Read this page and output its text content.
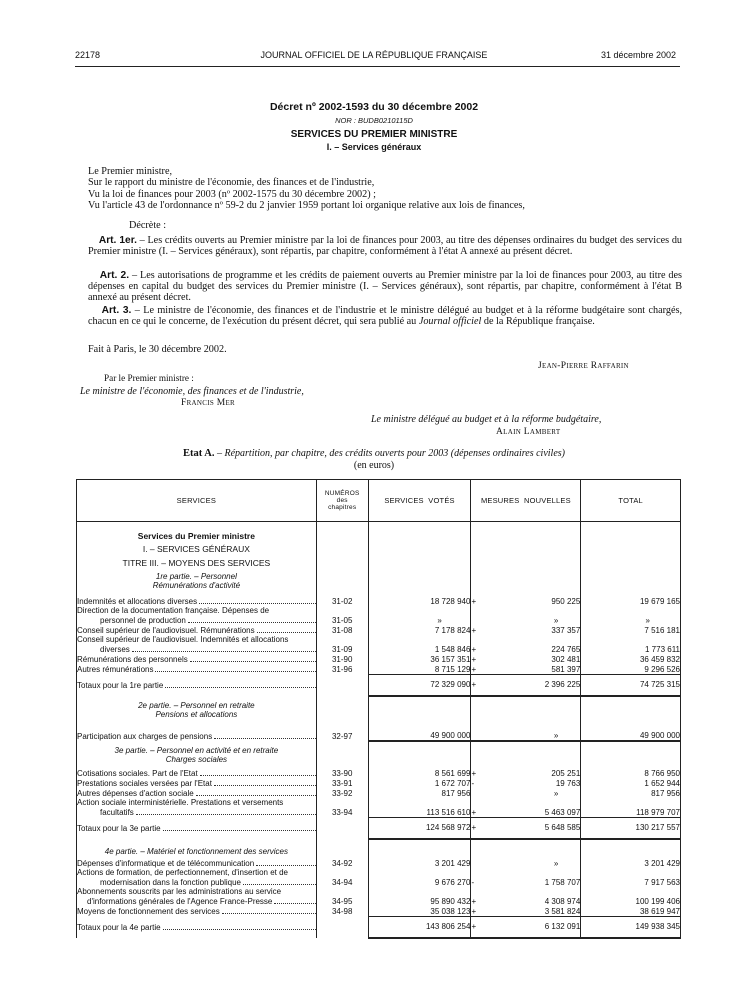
22178	JOURNAL OFFICIEL DE LA RÉPUBLIQUE FRANÇAISE	31 décembre 2002
Décret nº 2002-1593 du 30 décembre 2002
NOR : BUDB0210115D
SERVICES DU PREMIER MINISTRE
I. – Services généraux
Le Premier ministre,
Sur le rapport du ministre de l'économie, des finances et de l'industrie,
Vu la loi de finances pour 2003 (nº 2002-1575 du 30 décembre 2002) ;
Vu l'article 43 de l'ordonnance nº 59-2 du 2 janvier 1959 portant loi organique relative aux lois de finances,
Décrète :
Art. 1er. – Les crédits ouverts au Premier ministre par la loi de finances pour 2003, au titre des dépenses ordinaires du budget des services du Premier ministre (I. – Services généraux), sont répartis, par chapitre, conformément à l'état A annexé au présent décret.
Art. 2. – Les autorisations de programme et les crédits de paiement ouverts au Premier ministre par la loi de finances pour 2003, au titre des dépenses en capital du budget des services du Premier ministre (I. – Services généraux), sont répartis, par chapitre, conformément à l'état B annexé au présent décret.
Art. 3. – Le ministre de l'économie, des finances et de l'industrie et le ministre délégué au budget et à la réforme budgétaire sont chargés, chacun en ce qui le concerne, de l'exécution du présent décret, qui sera publié au Journal officiel de la République française.
Fait à Paris, le 30 décembre 2002.
Jean-Pierre Raffarin
Par le Premier ministre :
Le ministre de l'économie, des finances et de l'industrie,
Francis Mer
Le ministre délégué au budget et à la réforme budgétaire,
Alain Lambert
Etat A. – Répartition, par chapitre, des crédits ouverts pour 2003 (dépenses ordinaires civiles)
(en euros)
SERVICES	NUMÉROS
des
chapitres	SERVICES  VOTÉS	MESURES  NOUVELLES	TOTAL

Services du Premier ministre
I. – SERVICES GÉNÉRAUX
TITRE III. – MOYENS DES SERVICES
1re partie. – Personnel
Rémunérations d'activité				

Indemnités et allocations diverses	31-02	18 728 940	+ 950 225	19 679 165

Direction de la documentation française. Dépenses de
personnel de production	31-05	»	»	»

Conseil supérieur de l'audiovisuel. Rémunérations	31-08	7 178 824	+ 337 357	7 516 181

Conseil supérieur de l'audiovisuel. Indemnités et allocations
diverses	31-09	1 548 846	+	224 765	1 773 611

Rémunérations des personnels	31-90	36 157 351	+ 302 481	36 459 832

Autres rémunérations	31-96	8 715 129	+ 581 397	9 296 526

Totaux pour la 1re partie		72 329 090	+ 2 396 225	74 725 315

2e partie. – Personnel en retraite
Pensions et allocations				

Participation aux charges de pensions	32-97	49 900 000	»	49 900 000

3e partie. – Personnel en activité et en retraite
Charges sociales				

Cotisations sociales. Part de l'Etat	33-90	8 561 699	+ 205 251	8 766 950

Prestations sociales versées par l'Etat	33-91	1 672 707	- 19 763	1 652 944

Autres dépenses d'action sociale	33-92	817 956	»	817 956

Action sociale interministérielle. Prestations et versements
facultatifs	33-94	113 516 610	+	5 463 097	118 979 707

Totaux pour la 3e partie		124 568 972	+ 5 648 585	130 217 557

4e partie. – Matériel et fonctionnement des services				

Dépenses d'informatique et de télécommunication	34-92	3 201 429	»	3 201 429

Actions de formation, de perfectionnement, d'insertion et de
modernisation dans la fonction publique	34-94	9 676 270	-	1 758 707	7 917 563

Abonnements souscrits par les administrations au service
d'informations générales de l'Agence France-Presse	34-95	95 890 432	+	4 308 974	100 199 406

Moyens de fonctionnement des services	34-98	35 038 123	+ 3 581 824	38 619 947

Totaux pour la 4e partie		143 806 254	+ 6 132 091	149 938 345
